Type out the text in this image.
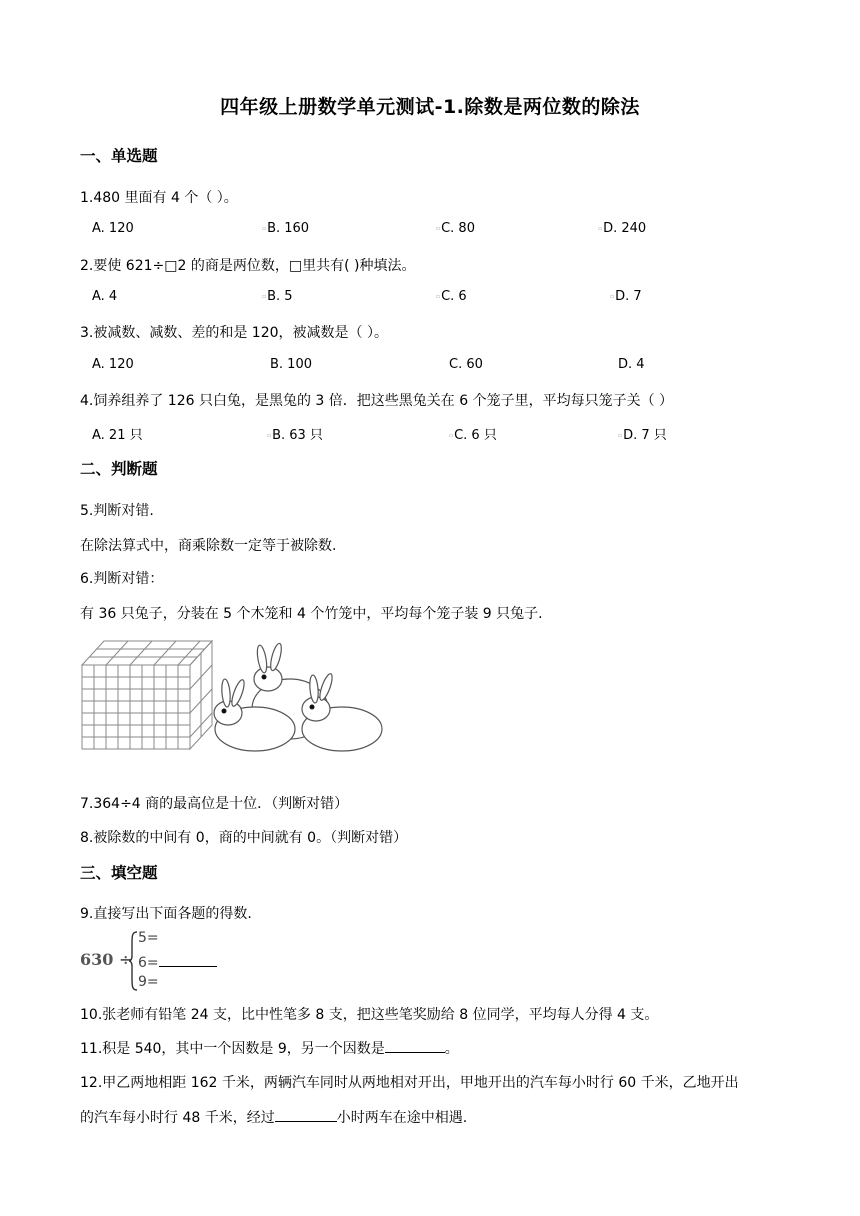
四年级上册数学单元测试-1.除数是两位数的除法
一、单选题
1.480 里面有 4 个（ ）。
A. 120	▫B. 160	▫C. 80	▫D. 240
2.要使 621÷□2 的商是两位数，□里共有( )种填法。
A. 4	▫B. 5	▫C. 6	▫D. 7
3.被减数、减数、差的和是 120，被减数是（ ）。
A. 120	B. 100	C. 60	D. 4
4.饲养组养了 126 只白兔，是黑兔的 3 倍．把这些黑兔关在 6 个笼子里，平均每只笼子关（ ）
A. 21 只	▫B. 63 只	▫C. 6 只	▫D. 7 只
二、判断题
5.判断对错.
在除法算式中，商乘除数一定等于被除数.
6.判断对错：
有 36 只兔子，分装在 5 个木笼和 4 个竹笼中，平均每个笼子装 9 只兔子.
7.364÷4 商的最高位是十位．（判断对错）
8.被除数的中间有 0，商的中间就有 0。（判断对错）
三、填空题
9.直接写出下面各题的得数.
630 ÷
5=
6=
9=
10.张老师有铅笔 24 支，比中性笔多 8 支，把这些笔奖励给 8 位同学，平均每人分得 4 支。
11.积是 540，其中一个因数是 9，另一个因数是	。
12.甲乙两地相距 162 千米，两辆汽车同时从两地相对开出，甲地开出的汽车每小时行 60 千米，乙地开出
的汽车每小时行 48 千米，经过	小时两车在途中相遇.
